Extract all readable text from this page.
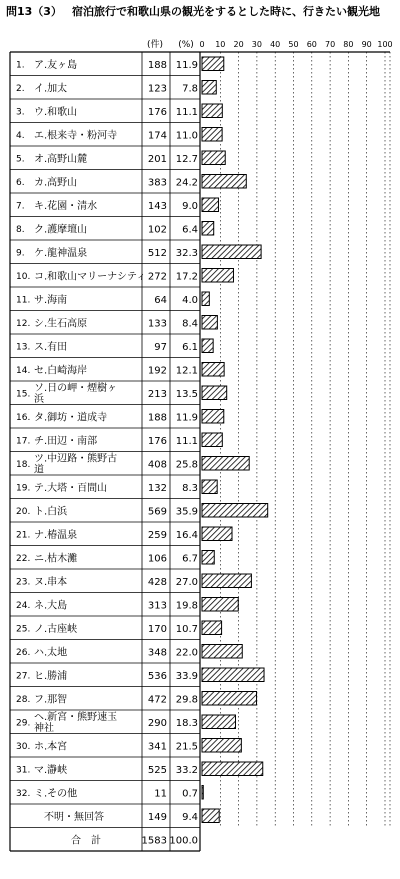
問13（3） 宿泊旅行で和歌山県の観光をするとした時に、行きたい観光地

(件) (%) 0 10 20 30 40 50 60 70 80 90 100
1. ア.友ヶ島	188 11.9
2. イ.加太	123 7.8
3. ウ.和歌山	176 11.1
4. エ.根来寺・粉河寺	174 11.0
5. オ.高野山麓	201 12.7
6. カ.高野山	383 24.2
7. キ.花園・清水	143 9.0
8. ク.護摩壇山	102 6.4
9. ケ.龍神温泉	512 32.3
10. コ.和歌山マリーナシティ 272 17.2
11. サ.海南	64 4.0
12. シ.生石高原	133 8.4
13. ス.有田	97 6.1
14. セ.白崎海岸	192 12.1
15.
ソ.日の岬・煙樹ヶ
浜	213 13.5
16. タ.御坊・道成寺	188 11.9
17. チ.田辺・南部	176 11.1
18.
ツ.中辺路・熊野古
道	408 25.8
19. テ.大塔・百間山	132 8.3
20. ト.白浜	569 35.9
21. ナ.椿温泉	259 16.4
22. ニ.枯木灘	106 6.7
23. ヌ.串本	428 27.0
24. ネ.大島	313 19.8
25. ノ.古座峡	170 10.7
26. ハ.太地	348 22.0
27. ヒ.勝浦	536 33.9
28. フ.那智	472 29.8
29.
ヘ.新宮・熊野速玉
神社	290 18.3
30. ホ.本宮	341 21.5
31. マ.瀞峡	525 33.2
32. ミ.その他	11 0.7
不明・無回答	149 9.4
合　計	1583 100.0
